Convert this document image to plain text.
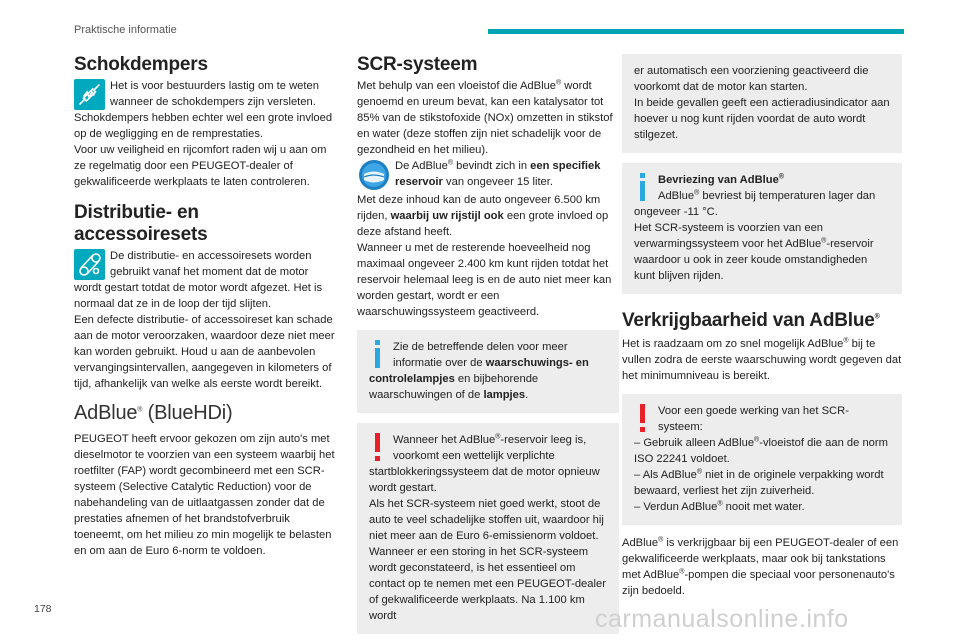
Praktische informatie
Schokdempers

Het is voor bestuurders lastig om te weten wanneer de schokdempers zijn versleten. Schokdempers hebben echter wel een grote invloed op de wegligging en de remprestaties.

Voor uw veiligheid en rijcomfort raden wij u aan om ze regelmatig door een PEUGEOT-dealer of gekwalificeerde werkplaats te laten controleren.

Distributie- en accessoiresets

De distributie- en accessoiresets worden gebruikt vanaf het moment dat de motor wordt gestart totdat de motor wordt afgezet. Het is normaal dat ze in de loop der tijd slijten.

Een defecte distributie- of accessoireset kan schade aan de motor veroorzaken, waardoor deze niet meer kan worden gebruikt. Houd u aan de aanbevolen vervangingsintervallen, aangegeven in kilometers of tijd, afhankelijk van welke als eerste wordt bereikt.

AdBlue® (BlueHDi)

PEUGEOT heeft ervoor gekozen om zijn auto's met dieselmotor te voorzien van een systeem waarbij het roetfilter (FAP) wordt gecombineerd met een SCR-systeem (Selective Catalytic Reduction) voor de nabehandeling van de uitlaatgassen zonder dat de prestaties afnemen of het brandstofverbruik toeneemt, om het milieu zo min mogelijk te belasten en om aan de Euro 6-norm te voldoen.

SCR-systeem

Met behulp van een vloeistof die AdBlue® wordt genoemd en ureum bevat, kan een katalysator tot 85% van de stikstofoxide (NOx) omzetten in stikstof en water (deze stoffen zijn niet schadelijk voor de gezondheid en het milieu).

De AdBlue® bevindt zich in een specifiek reservoir van ongeveer 15 liter.

Met deze inhoud kan de auto ongeveer 6.500 km rijden, waarbij uw rijstijl ook een grote invloed op deze afstand heeft.

Wanneer u met de resterende hoeveelheid nog maximaal ongeveer 2.400 km kunt rijden totdat het reservoir helemaal leeg is en de auto niet meer kan worden gestart, wordt er een waarschuwingssysteem geactiveerd.

Zie de betreffende delen voor meer informatie over de waarschuwings- en controlelampjes en bijbehorende waarschuwingen of de lampjes.

Wanneer het AdBlue®-reservoir leeg is, voorkomt een wettelijk verplichte startblokkeringssysteem dat de motor opnieuw wordt gestart.

Als het SCR-systeem niet goed werkt, stoot de auto te veel schadelijke stoffen uit, waardoor hij niet meer aan de Euro 6-emissienorm voldoet.

Wanneer er een storing in het SCR-systeem wordt geconstateerd, is het essentieel om contact op te nemen met een PEUGEOT-dealer of gekwalificeerde werkplaats. Na 1.100 km wordt

er automatisch een voorziening geactiveerd die voorkomt dat de motor kan starten.

In beide gevallen geeft een actieradiusindicator aan hoever u nog kunt rijden voordat de auto wordt stilgezet.

Bevriezing van AdBlue®

AdBlue® bevriest bij temperaturen lager dan ongeveer -11 °C.

Het SCR-systeem is voorzien van een verwarmingssysteem voor het AdBlue®-reservoir waardoor u ook in zeer koude omstandigheden kunt blijven rijden.

Verkrijgbaarheid van AdBlue®

Het is raadzaam om zo snel mogelijk AdBlue® bij te vullen zodra de eerste waarschuwing wordt gegeven dat het minimumniveau is bereikt.

Voor een goede werking van het SCR-systeem:

– Gebruik alleen AdBlue®-vloeistof die aan de norm ISO 22241 voldoet.

– Als AdBlue® niet in de originele verpakking wordt bewaard, verliest het zijn zuiverheid.

– Verdun AdBlue® nooit met water.

AdBlue® is verkrijgbaar bij een PEUGEOT-dealer of een gekwalificeerde werkplaats, maar ook bij tankstations met AdBlue®-pompen die speciaal voor personenauto's zijn bedoeld.

178	carmanualsonline.info
